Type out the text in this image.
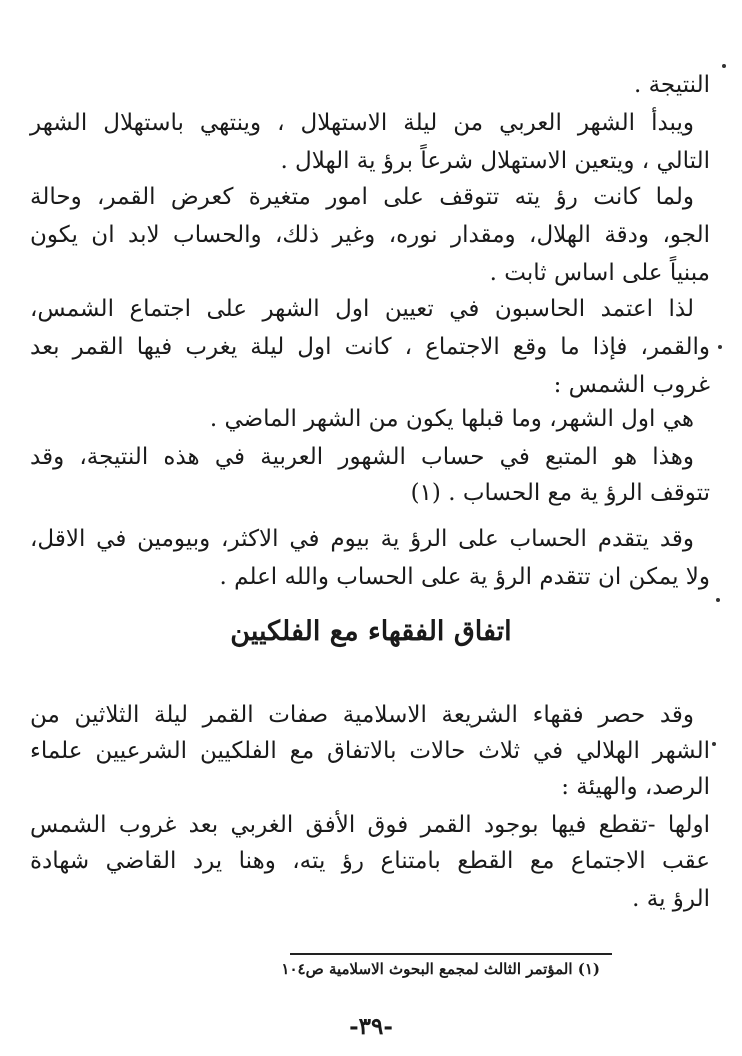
النتيجة .
ويبدأ الشهر العربي من ليلة الاستهلال ، وينتهي باستهلال الشهر
التالي ، ويتعين الاستهلال شرعاً برؤ ية الهلال .
ولما كانت رؤ يته تتوقف على امور متغيرة كعرض القمر، وحالة
الجو، ودقة الهلال، ومقدار نوره، وغير ذلك، والحساب لابد ان يكون
مبنياً على اساس ثابت .
لذا اعتمد الحاسبون في تعيين اول الشهر على اجتماع الشمس،
والقمر، فإذا ما وقع الاجتماع ، كانت اول ليلة يغرب فيها القمر بعد
غروب الشمس :
هي اول الشهر، وما قبلها يكون من الشهر الماضي .
وهذا هو المتبع في حساب الشهور العربية في هذه النتيجة، وقد
تتوقف الرؤ ية مع الحساب . (١)
وقد يتقدم الحساب على الرؤ ية بيوم في الاكثر، وبيومين في الاقل،
ولا يمكن ان تتقدم الرؤ ية على الحساب والله اعلم .
اتفاق الفقهاء مع الفلكيين
وقد حصر فقهاء الشريعة الاسلامية صفات القمر ليلة الثلاثين من
الشهر الهلالي في ثلاث حالات بالاتفاق مع الفلكيين الشرعيين علماء
الرصد، والهيئة :
اولها -تقطع فيها بوجود القمر فوق الأفق الغربي بعد غروب الشمس
عقب الاجتماع مع القطع بامتناع رؤ يته، وهنا يرد القاضي شهادة
الرؤ ية .
(١) المؤتمر الثالث لمجمع البحوث الاسلامية ص١٠٤
-٣٩-
